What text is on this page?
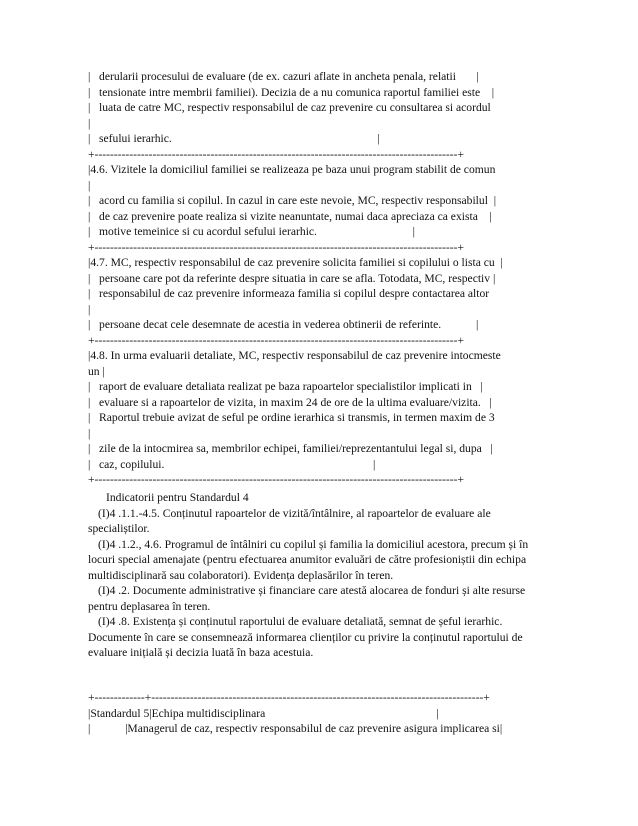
|   derularii procesului de evaluare (de ex. cazuri aflate in ancheta penala, relatii       |
|   tensionate intre membrii familiei). Decizia de a nu comunica raportul familiei este    |
|   luata de catre MC, respectiv responsabilul de caz prevenire cu consultarea si acordul
|
|   sefului ierarhic.                                                                       |
+----------------------------------------------------------------------------------------------+
|4.6. Vizitele la domiciliul familiei se realizeaza pe baza unui program stabilit de comun
|
|   acord cu familia si copilul. In cazul in care este nevoie, MC, respectiv responsabilul  |
|   de caz prevenire poate realiza si vizite neanuntate, numai daca apreciaza ca exista    |
|   motive temeinice si cu acordul sefului ierarhic.                                 |
+----------------------------------------------------------------------------------------------+
|4.7. MC, respectiv responsabilul de caz prevenire solicita familiei si copilului o lista cu  |
|   persoane care pot da referinte despre situatia in care se afla. Totodata, MC, respectiv |
|   responsabilul de caz prevenire informeaza familia si copilul despre contactarea altor
|
|   persoane decat cele desemnate de acestia in vederea obtinerii de referinte.            |
+----------------------------------------------------------------------------------------------+
|4.8. In urma evaluarii detaliate, MC, respectiv responsabilul de caz prevenire intocmeste
un |
|   raport de evaluare detaliata realizat pe baza rapoartelor specialistilor implicati in   |
|   evaluare si a rapoartelor de vizita, in maxim 24 de ore de la ultima evaluare/vizita.   |
|   Raportul trebuie avizat de seful pe ordine ierarhica si transmis, in termen maxim de 3
|
|   zile de la intocmirea sa, membrilor echipei, familiei/reprezentantului legal si, dupa   |
|   caz, copilului.                                                                        |
+----------------------------------------------------------------------------------------------+

Indicatorii pentru Standardul 4

(I)4 .1.1.-4.5. Conținutul rapoartelor de vizită/întâlnire, al rapoartelor de evaluare ale specialiștilor.

(I)4 .1.2., 4.6. Programul de întâlniri cu copilul și familia la domiciliul acestora, precum și în locuri special amenajate (pentru efectuarea anumitor evaluări de către profesioniștii din echipa multidisciplinară sau colaboratori). Evidența deplasărilor în teren.

(I)4 .2. Documente administrative și financiare care atestă alocarea de fonduri și alte resurse pentru deplasarea în teren.

(I)4 .8. Existența și conținutul raportului de evaluare detaliată, semnat de șeful ierarhic. Documente în care se consemnează informarea clienților cu privire la conținutul raportului de evaluare inițială și decizia luată în baza acestuia.

+-------------+--------------------------------------------------------------------------------------+
|Standardul 5|Echipa multidisciplinara                                                           |
|            |Managerul de caz, respectiv responsabilul de caz prevenire asigura implicarea si|
